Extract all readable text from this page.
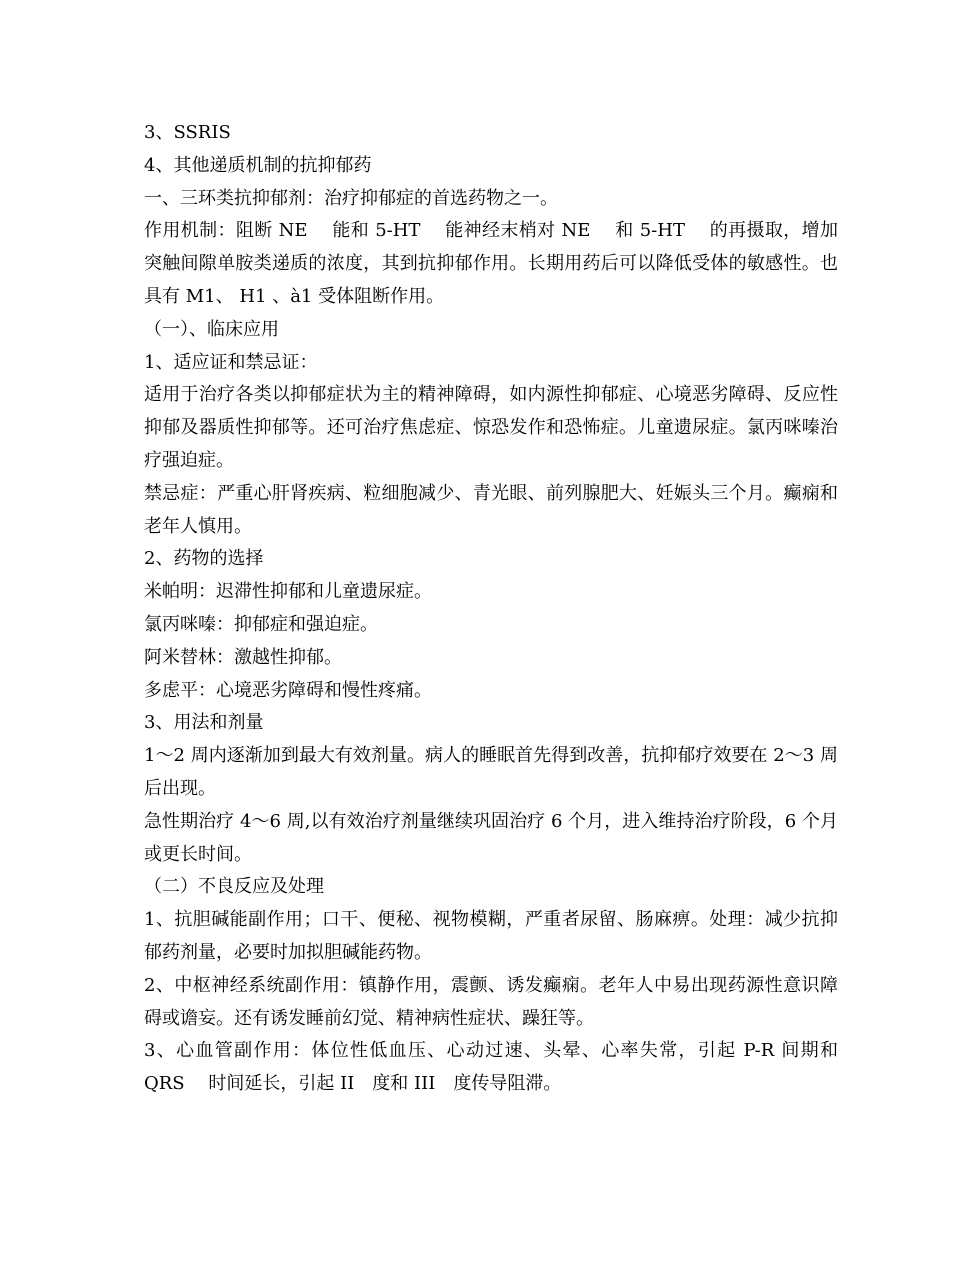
3、SSRIS
4、其他递质机制的抗抑郁药
一、三环类抗抑郁剂：治疗抑郁症的首选药物之一。
作用机制：阻断 NE　 能和 5-HT　 能神经末梢对 NE　 和 5-HT　 的再摄取，增加突触间隙单胺类递质的浓度，其到抗抑郁作用。长期用药后可以降低受体的敏感性。也具有 M1、 H1 、à1 受体阻断作用。
（一）、临床应用
1、适应证和禁忌证：
适用于治疗各类以抑郁症状为主的精神障碍，如内源性抑郁症、心境恶劣障碍、反应性抑郁及器质性抑郁等。还可治疗焦虑症、惊恐发作和恐怖症。儿童遗尿症。氯丙咪嗪治疗强迫症。
禁忌症：严重心肝肾疾病、粒细胞减少、青光眼、前列腺肥大、妊娠头三个月。癫痫和老年人慎用。
2、药物的选择
米帕明：迟滞性抑郁和儿童遗尿症。
氯丙咪嗪：抑郁症和强迫症。
阿米替林：激越性抑郁。
多虑平：心境恶劣障碍和慢性疼痛。
3、用法和剂量
1～2 周内逐渐加到最大有效剂量。病人的睡眠首先得到改善，抗抑郁疗效要在 2～3 周后出现。
急性期治疗 4～6 周,以有效治疗剂量继续巩固治疗 6 个月，进入维持治疗阶段，6 个月或更长时间。
（二）不良反应及处理
1、抗胆碱能副作用；口干、便秘、视物模糊，严重者尿留、肠麻痹。处理：减少抗抑郁药剂量，必要时加拟胆碱能药物。
2、中枢神经系统副作用：镇静作用，震颤、诱发癫痫。老年人中易出现药源性意识障碍或谵妄。还有诱发睡前幻觉、精神病性症状、躁狂等。
3、心血管副作用：体位性低血压、心动过速、头晕、心率失常，引起 P-R 间期和 QRS　 时间延长，引起 II　度和 III　度传导阻滞。
